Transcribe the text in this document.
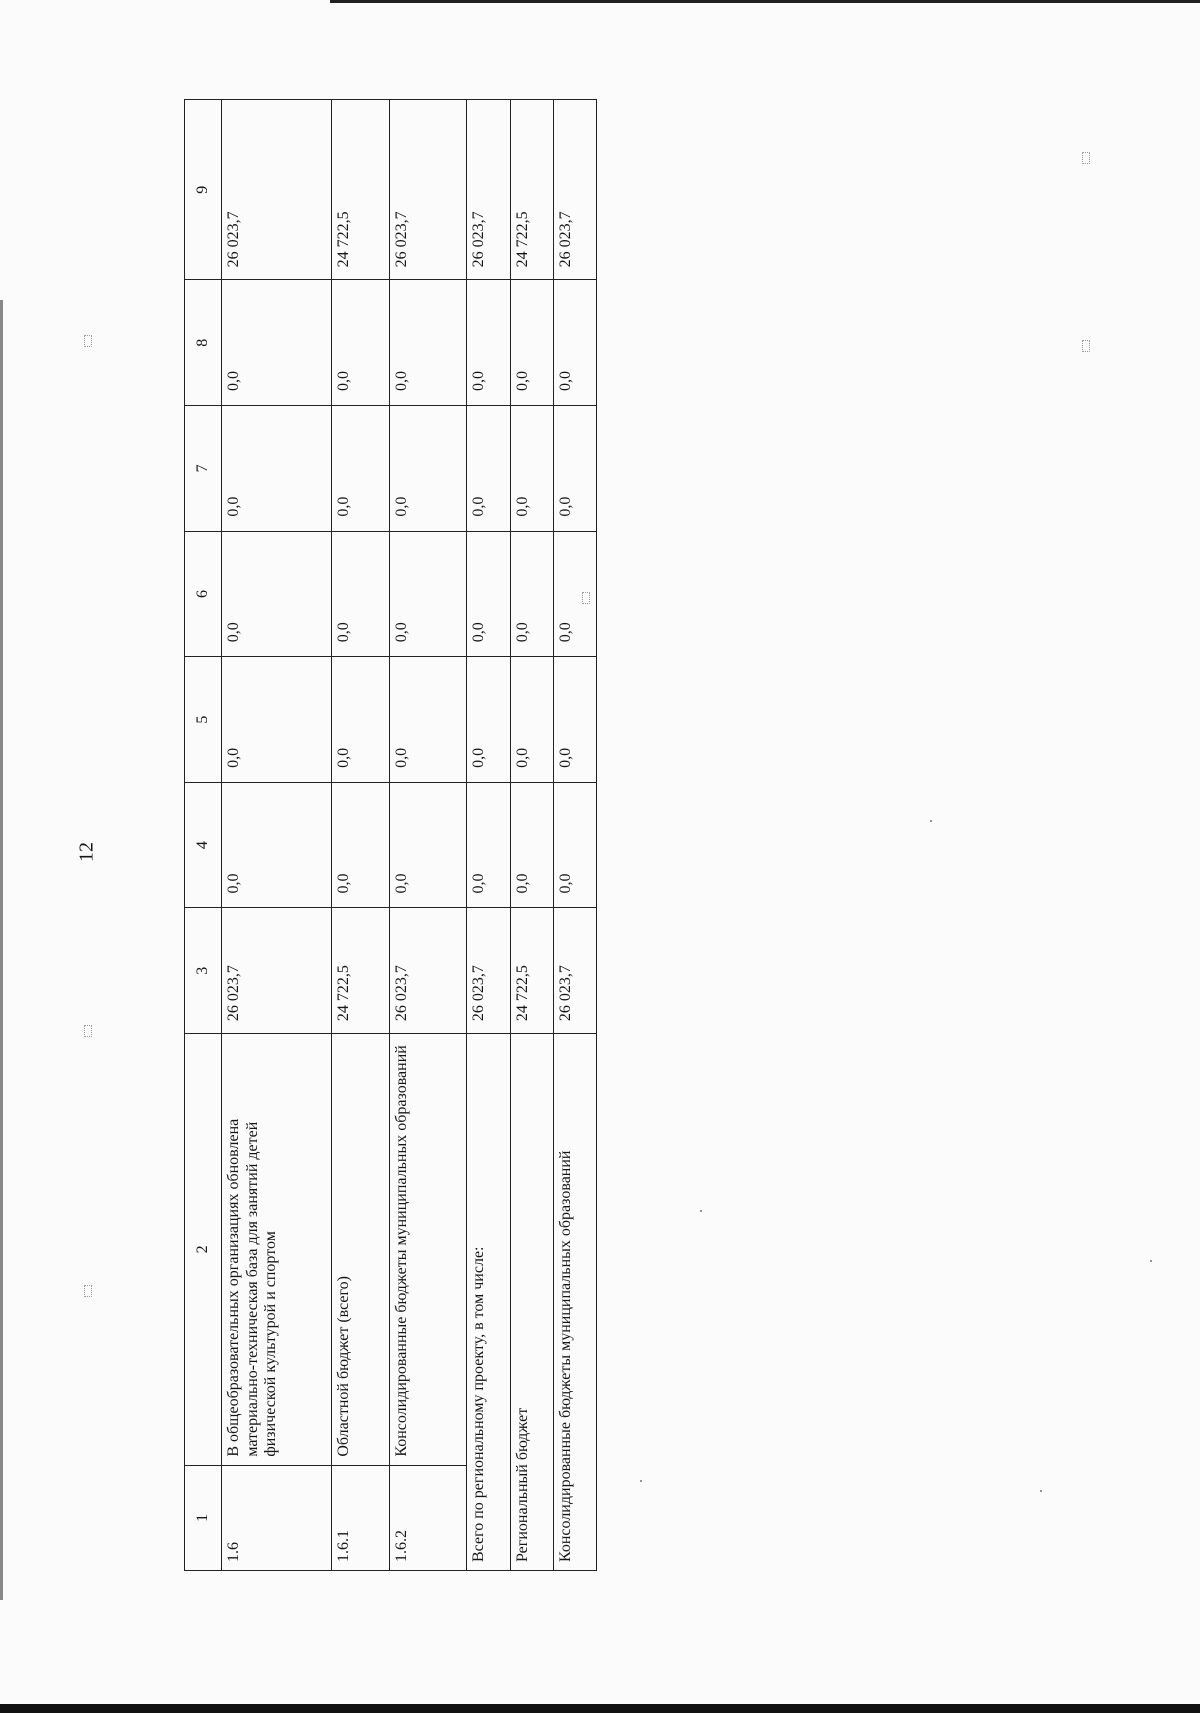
12
1	2	3	4	5	6	7	8	9
1.6	В общеобразовательных организациях обновлена материально-техническая база для занятий детей физической культурой и спортом	26 023,7	0,0	0,0	0,0	0,0	0,0	26 023,7
1.6.1	Областной бюджет (всего)	24 722,5	0,0	0,0	0,0	0,0	0,0	24 722,5
1.6.2	Консолидированные бюджеты муниципальных образований	26 023,7	0,0	0,0	0,0	0,0	0,0	26 023,7
Всего по региональному проекту, в том числе:		26 023,7	0,0	0,0	0,0	0,0	0,0	26 023,7
Региональный бюджет		24 722,5	0,0	0,0	0,0	0,0	0,0	24 722,5
Консолидированные бюджеты муниципальных образований		26 023,7	0,0	0,0	0,0	0,0	0,0	26 023,7
